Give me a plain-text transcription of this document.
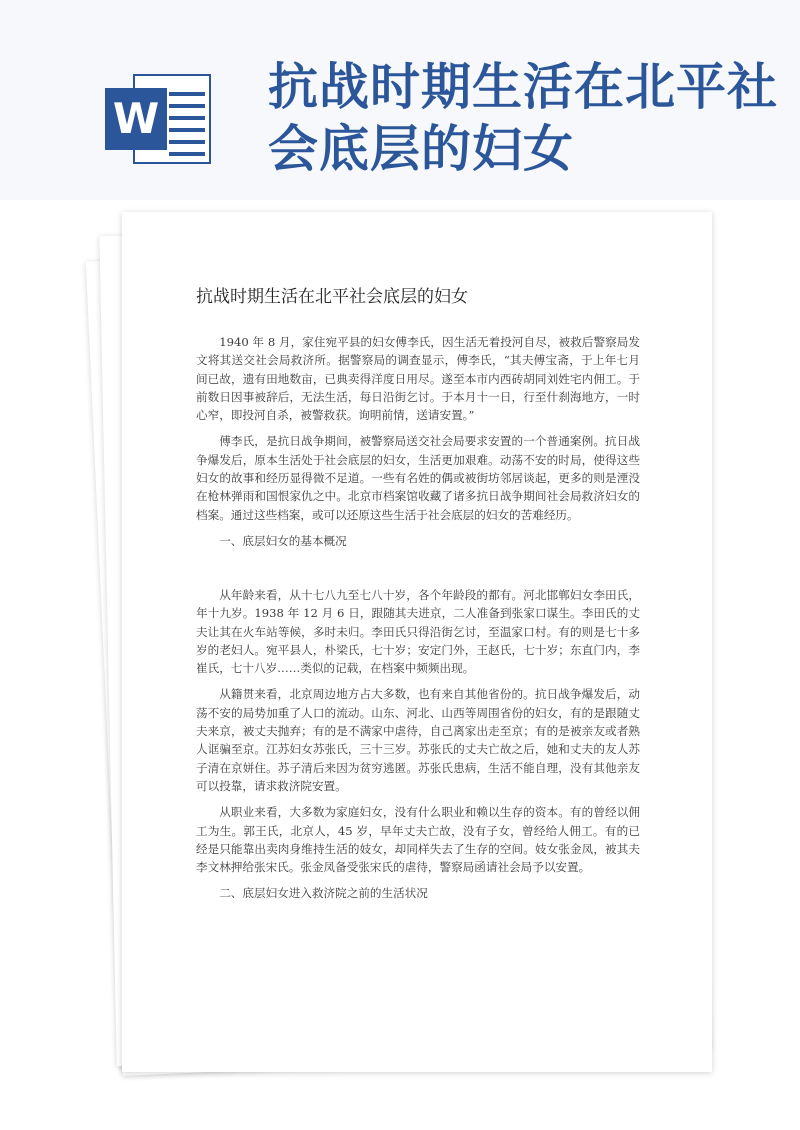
W
抗战时期生活在北平社会底层的妇女
抗战时期生活在北平社会底层的妇女

1940 年 8 月，家住宛平县的妇女傅李氏，因生活无着投河自尽，被救后警察局发文将其送交社会局救济所。据警察局的调查显示，傅李氏，“其夫傅宝斋，于上年七月间已故，遗有田地数亩，已典卖得洋度日用尽。遂至本市内西砖胡同刘姓宅内佣工。于前数日因事被辞后，无法生活，每日沿街乞讨。于本月十一日，行至什刹海地方，一时心窄，即投河自杀，被警救获。询明前情，送请安置。”

傅李氏，是抗日战争期间，被警察局送交社会局要求安置的一个普通案例。抗日战争爆发后，原本生活处于社会底层的妇女，生活更加艰难。动荡不安的时局，使得这些妇女的故事和经历显得微不足道。一些有名姓的偶或被街坊邻居谈起，更多的则是湮没在枪林弹雨和国恨家仇之中。北京市档案馆收藏了诸多抗日战争期间社会局救济妇女的档案。通过这些档案，或可以还原这些生活于社会底层的妇女的苦难经历。

一、底层妇女的基本概况

从年龄来看，从十七八九至七八十岁，各个年龄段的都有。河北邯郸妇女李田氏，年十九岁。1938 年 12 月 6 日，跟随其夫进京，二人准备到张家口谋生。李田氏的丈夫让其在火车站等候，多时未归。李田氏只得沿街乞讨，至温家口村。有的则是七十多岁的老妇人。宛平县人，朴梁氏，七十岁；安定门外，王赵氏，七十岁；东直门内，李崔氏，七十八岁……类似的记载，在档案中频频出现。

从籍贯来看，北京周边地方占大多数，也有来自其他省份的。抗日战争爆发后，动荡不安的局势加重了人口的流动。山东、河北、山西等周围省份的妇女，有的是跟随丈夫来京，被丈夫抛弃；有的是不满家中虐待，自己离家出走至京；有的是被亲友或者熟人诓骗至京。江苏妇女苏张氏，三十三岁。苏张氏的丈夫亡故之后，她和丈夫的友人苏子清在京姘住。苏子清后来因为贫穷逃匿。苏张氏患病，生活不能自理，没有其他亲友可以投靠，请求救济院安置。

从职业来看，大多数为家庭妇女，没有什么职业和赖以生存的资本。有的曾经以佣工为生。郭王氏，北京人，45 岁，早年丈夫亡故，没有子女，曾经给人佣工。有的已经是只能靠出卖肉身维持生活的妓女，却同样失去了生存的空间。妓女张金凤，被其夫李文林押给张宋氏。张金凤备受张宋氏的虐待，警察局函请社会局予以安置。

二、底层妇女进入救济院之前的生活状况
